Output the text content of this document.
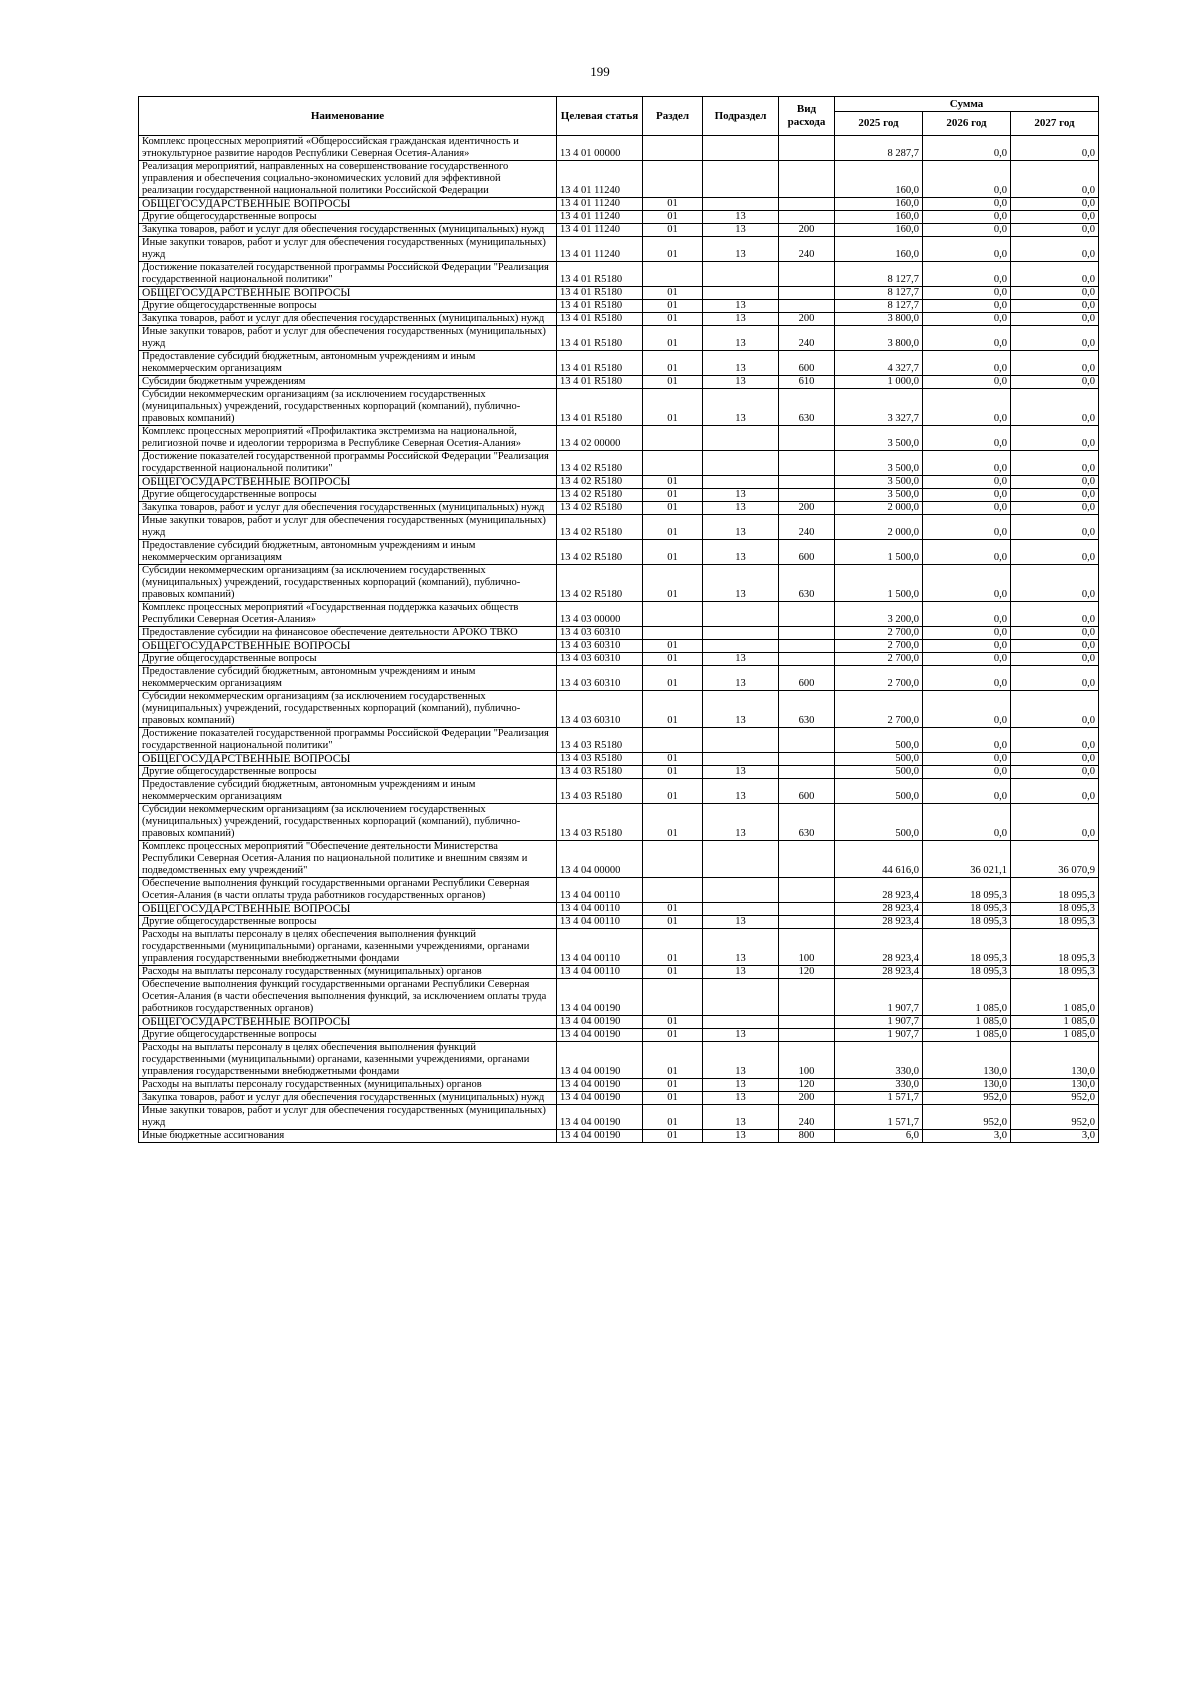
199
Наименование	Целевая статья	Раздел	Подраздел	Вид расхода	Сумма		
					2025 год	2026 год	2027 год
Комплекс процессных мероприятий «Общероссийская гражданская идентичность и этнокультурное развитие народов Республики Северная Осетия-Алания»	13 4 01 00000				8 287,7	0,0	0,0
Реализация мероприятий, направленных на совершенствование государственного управления и обеспечения социально-экономических условий для эффективной реализации государственной национальной политики Российской Федерации	13 4 01 11240				160,0	0,0	0,0
ОБЩЕГОСУДАРСТВЕННЫЕ ВОПРОСЫ	13 4 01 11240	01			160,0	0,0	0,0
Другие общегосударственные вопросы	13 4 01 11240	01	13		160,0	0,0	0,0
Закупка товаров, работ и услуг для обеспечения государственных (муниципальных) нужд	13 4 01 11240	01	13	200	160,0	0,0	0,0
Иные закупки товаров, работ и услуг для обеспечения государственных (муниципальных) нужд	13 4 01 11240	01	13	240	160,0	0,0	0,0
Достижение показателей государственной программы Российской Федерации "Реализация государственной национальной политики"	13 4 01 R5180				8 127,7	0,0	0,0
ОБЩЕГОСУДАРСТВЕННЫЕ ВОПРОСЫ	13 4 01 R5180	01			8 127,7	0,0	0,0
Другие общегосударственные вопросы	13 4 01 R5180	01	13		8 127,7	0,0	0,0
Закупка товаров, работ и услуг для обеспечения государственных (муниципальных) нужд	13 4 01 R5180	01	13	200	3 800,0	0,0	0,0
Иные закупки товаров, работ и услуг для обеспечения государственных (муниципальных) нужд	13 4 01 R5180	01	13	240	3 800,0	0,0	0,0
Предоставление субсидий бюджетным, автономным учреждениям и иным некоммерческим организациям	13 4 01 R5180	01	13	600	4 327,7	0,0	0,0
Субсидии бюджетным учреждениям	13 4 01 R5180	01	13	610	1 000,0	0,0	0,0
Субсидии некоммерческим организациям (за исключением государственных (муниципальных) учреждений, государственных корпораций (компаний), публично-правовых компаний)	13 4 01 R5180	01	13	630	3 327,7	0,0	0,0
Комплекс процессных мероприятий «Профилактика экстремизма на национальной, религиозной почве и идеологии терроризма в Республике Северная Осетия-Алания»	13 4 02 00000				3 500,0	0,0	0,0
Достижение показателей государственной программы Российской Федерации "Реализация государственной национальной политики"	13 4 02 R5180				3 500,0	0,0	0,0
ОБЩЕГОСУДАРСТВЕННЫЕ ВОПРОСЫ	13 4 02 R5180	01			3 500,0	0,0	0,0
Другие общегосударственные вопросы	13 4 02 R5180	01	13		3 500,0	0,0	0,0
Закупка товаров, работ и услуг для обеспечения государственных (муниципальных) нужд	13 4 02 R5180	01	13	200	2 000,0	0,0	0,0
Иные закупки товаров, работ и услуг для обеспечения государственных (муниципальных) нужд	13 4 02 R5180	01	13	240	2 000,0	0,0	0,0
Предоставление субсидий бюджетным, автономным учреждениям и иным некоммерческим организациям	13 4 02 R5180	01	13	600	1 500,0	0,0	0,0
Субсидии некоммерческим организациям (за исключением государственных (муниципальных) учреждений, государственных корпораций (компаний), публично-правовых компаний)	13 4 02 R5180	01	13	630	1 500,0	0,0	0,0
Комплекс процессных мероприятий «Государственная поддержка казачьих обществ Республики Северная Осетия-Алания»	13 4 03 00000				3 200,0	0,0	0,0
Предоставление субсидии на финансовое обеспечение деятельности АРОКО ТВКО	13 4 03 60310				2 700,0	0,0	0,0
ОБЩЕГОСУДАРСТВЕННЫЕ ВОПРОСЫ	13 4 03 60310	01			2 700,0	0,0	0,0
Другие общегосударственные вопросы	13 4 03 60310	01	13		2 700,0	0,0	0,0
Предоставление субсидий бюджетным, автономным учреждениям и иным некоммерческим организациям	13 4 03 60310	01	13	600	2 700,0	0,0	0,0
Субсидии некоммерческим организациям (за исключением государственных (муниципальных) учреждений, государственных корпораций (компаний), публично-правовых компаний)	13 4 03 60310	01	13	630	2 700,0	0,0	0,0
Достижение показателей государственной программы Российской Федерации "Реализация государственной национальной политики"	13 4 03 R5180				500,0	0,0	0,0
ОБЩЕГОСУДАРСТВЕННЫЕ ВОПРОСЫ	13 4 03 R5180	01			500,0	0,0	0,0
Другие общегосударственные вопросы	13 4 03 R5180	01	13		500,0	0,0	0,0
Предоставление субсидий бюджетным, автономным учреждениям и иным некоммерческим организациям	13 4 03 R5180	01	13	600	500,0	0,0	0,0
Субсидии некоммерческим организациям (за исключением государственных (муниципальных) учреждений, государственных корпораций (компаний), публично-правовых компаний)	13 4 03 R5180	01	13	630	500,0	0,0	0,0
Комплекс процессных мероприятий "Обеспечение деятельности Министерства Республики Северная Осетия-Алания по национальной политике и внешним связям и подведомственных ему учреждений"	13 4 04 00000				44 616,0	36 021,1	36 070,9
Обеспечение выполнения функций государственными органами Республики Северная Осетия-Алания (в части оплаты труда работников государственных органов)	13 4 04 00110				28 923,4	18 095,3	18 095,3
ОБЩЕГОСУДАРСТВЕННЫЕ ВОПРОСЫ	13 4 04 00110	01			28 923,4	18 095,3	18 095,3
Другие общегосударственные вопросы	13 4 04 00110	01	13		28 923,4	18 095,3	18 095,3
Расходы на выплаты персоналу в целях обеспечения выполнения функций государственными (муниципальными) органами, казенными учреждениями, органами управления государственными внебюджетными фондами	13 4 04 00110	01	13	100	28 923,4	18 095,3	18 095,3
Расходы на выплаты персоналу государственных (муниципальных) органов	13 4 04 00110	01	13	120	28 923,4	18 095,3	18 095,3
Обеспечение выполнения функций государственными органами Республики Северная Осетия-Алания (в части обеспечения выполнения функций, за исключением оплаты труда работников государственных органов)	13 4 04 00190				1 907,7	1 085,0	1 085,0
ОБЩЕГОСУДАРСТВЕННЫЕ ВОПРОСЫ	13 4 04 00190	01			1 907,7	1 085,0	1 085,0
Другие общегосударственные вопросы	13 4 04 00190	01	13		1 907,7	1 085,0	1 085,0
Расходы на выплаты персоналу в целях обеспечения выполнения функций государственными (муниципальными) органами, казенными учреждениями, органами управления государственными внебюджетными фондами	13 4 04 00190	01	13	100	330,0	130,0	130,0
Расходы на выплаты персоналу государственных (муниципальных) органов	13 4 04 00190	01	13	120	330,0	130,0	130,0
Закупка товаров, работ и услуг для обеспечения государственных (муниципальных) нужд	13 4 04 00190	01	13	200	1 571,7	952,0	952,0
Иные закупки товаров, работ и услуг для обеспечения государственных (муниципальных) нужд	13 4 04 00190	01	13	240	1 571,7	952,0	952,0
Иные бюджетные ассигнования	13 4 04 00190	01	13	800	6,0	3,0	3,0
